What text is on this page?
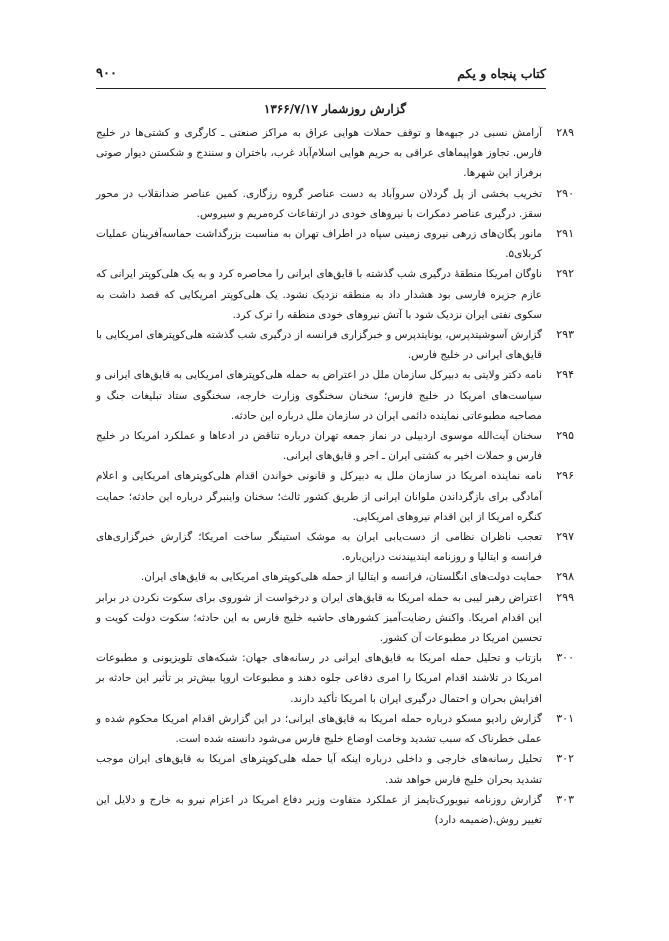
کتاب پنجاه و یکم
۹۰۰
گزارش روزشمار ۱۳۶۶/۷/۱۷
۲۸۹
آرامش نسبی در جبهه‌ها و توقف حملات هوایی عراق به مراکز صنعتی ـ کارگری و کشتی‌ها در خلیج فارس. تجاوز هواپیماهای عراقی به حریم هوایی اسلام‌آباد غرب، باختران و سنندج و شکستن دیوار صوتی برفراز این شهرها.
۲۹۰
تخریب بخشی از پل گردلان سروآباد به دست عناصر گروه رزگاری. کمین عناصر ضدانقلاب در محور سقز. درگیری عناصر دمکرات با نیروهای خودی در ارتفاعات کره‌مریم و سیروس.
۲۹۱
مانور یگان‌های زرهی نیروی زمینی سپاه در اطراف تهران به مناسبت بزرگداشت حماسه‌آفرینان عملیات کربلای۵.
۲۹۲
ناوگان امریکا منطقهٔ درگیری شب گذشته با قایق‌های ایرانی را محاصره کرد و به یک هلی‌کوپتر ایرانی که عازم جزیره فارسی بود هشدار داد به منطقه نزدیک نشود. یک هلی‌کوپتر امریکایی که قصد داشت به سکوی نفتی ایران نزدیک شود با آتش نیروهای خودی منطقه را ترک کرد.
۲۹۳
گزارش آسوشیتدپرس، یونایتدپرس و خبرگزاری فرانسه از درگیری شب گذشته هلی‌کوپترهای امریکایی با قایق‌های ایرانی در خلیج فارس.
۲۹۴
نامه دکتر ولایتی به دبیرکل سازمان ملل در اعتراض به حمله هلی‌کوپترهای امریکایی به قایق‌های ایرانی و سیاست‌های امریکا در خلیج فارس؛ سخنان سخنگوی وزارت خارجه، سخنگوی ستاد تبلیغات جنگ و مصاحبه مطبوعاتی نماینده دائمی ایران در سازمان ملل درباره این حادثه.
۲۹۵
سخنان آیت‌الله موسوی اردبیلی در نماز جمعه تهران درباره تناقض در ادعاها و عملکرد امریکا در خلیج فارس و حملات اخیر به کشتی ایران ـ اجر و قایق‌های ایرانی.
۲۹۶
نامه نماینده امریکا در سازمان ملل به دبیرکل و قانونی خواندن اقدام هلی‌کوپترهای امریکایی و اعلام آمادگی برای بازگرداندن ملوانان ایرانی از طریق کشور ثالث؛ سخنان واینبرگر درباره این حادثه؛ حمایت کنگره امریکا از این اقدام نیروهای امریکایی.
۲۹۷
تعجب ناظران نظامی از دست‌یابی ایران به موشک استینگر ساخت امریکا؛ گزارش خبرگزاری‌های فرانسه و ایتالیا و روزنامه ایندیپندنت دراین‌باره.
۲۹۸
حمایت دولت‌های انگلستان، فرانسه و ایتالیا از حمله هلی‌کوپترهای امریکایی به قایق‌های ایران.
۲۹۹
اعتراض رهبر لیبی به حمله امریکا به قایق‌های ایران و درخواست از شوروی برای سکوت نکردن در برابر این اقدام امریکا. واکنش رضایت‌آمیز کشورهای حاشیه خلیج فارس به این حادثه؛ سکوت دولت کویت و تحسین امریکا در مطبوعات آن کشور.
۳۰۰
بازتاب و تحلیل حمله امریکا به قایق‌های ایرانی در رسانه‌های جهان: شبکه‌های تلویزیونی و مطبوعات امریکا در تلاشند اقدام امریکا را امری دفاعی جلوه دهند و مطبوعات اروپا بیش‌تر بر تأثیر این حادثه بر افزایش بحران و احتمال درگیری ایران با امریکا تأکید دارند.
۳۰۱
گزارش رادیو مسکو درباره حمله امریکا به قایق‌های ایرانی؛ در این گزارش اقدام امریکا محکوم شده و عملی خطرناک که سبب تشدید وخامت اوضاع خلیج فارس می‌شود دانسته شده است.
۳۰۲
تحلیل رسانه‌های خارجی و داخلی درباره اینکه آیا حمله هلی‌کوپترهای امریکا به قایق‌های ایران موجب تشدید بحران خلیج فارس خواهد شد.
۳۰۳
گزارش روزنامه نیویورک‌تایمز از عملکرد متفاوت وزیر دفاع امریکا در اعزام نیرو به خارج و دلایل این تغییر روش.(ضمیمه دارد)
